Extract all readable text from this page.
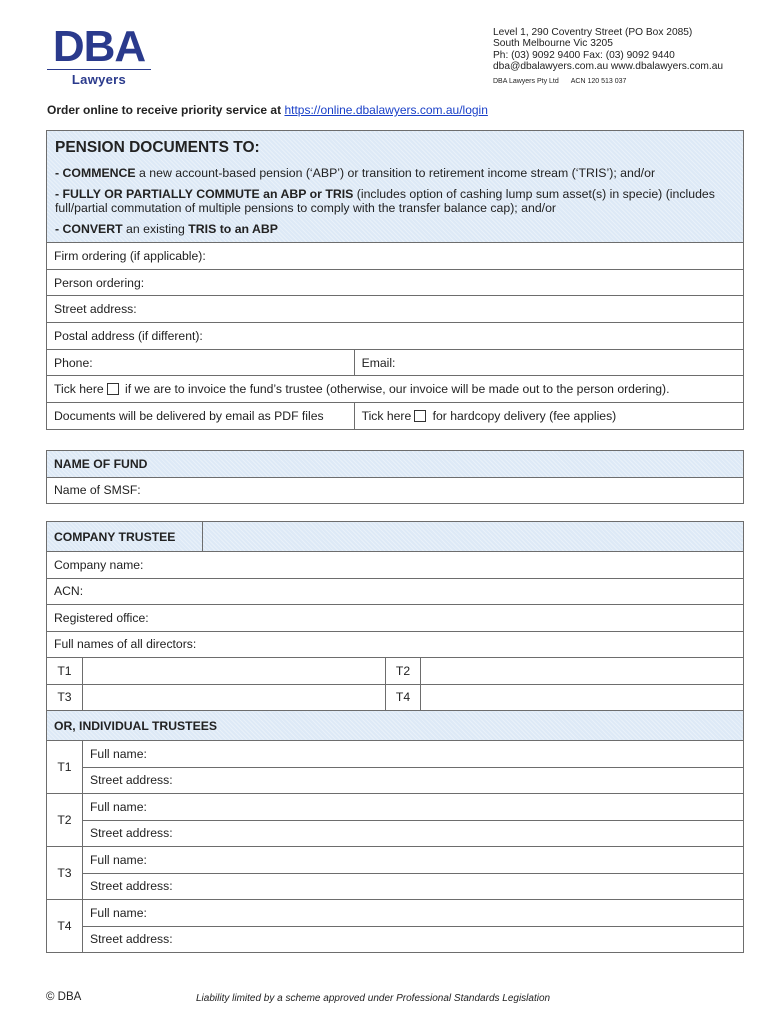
DBA
Lawyers
Level 1, 290 Coventry Street (PO Box 2085)
South Melbourne Vic 3205
Ph: (03) 9092 9400 Fax: (03) 9092 9440
dba@dbalawyers.com.au www.dbalawyers.com.au
DBA Lawyers Pty Ltd ACN 120 513 037
Order online to receive priority service at https://online.dbalawyers.com.au/login
PENSION DOCUMENTS TO:
- COMMENCE a new account-based pension (‘ABP’) or transition to retirement income stream (‘TRIS’); and/or
- FULLY OR PARTIALLY COMMUTE an ABP or TRIS (includes option of cashing lump sum asset(s) in specie) (includes full/partial commutation of multiple pensions to comply with the transfer balance cap); and/or
- CONVERT an existing TRIS to an ABP	

Firm ordering (if applicable):	
Person ordering:	
Street address:	
Postal address (if different):	
Phone:	Email:
Tick here if we are to invoice the fund’s trustee (otherwise, our invoice will be made out to the person ordering).	
Documents will be delivered by email as PDF files	Tick here for hardcopy delivery (fee applies)
NAME OF FUND
Name of SMSF:
COMPANY TRUSTEE				
Company name:				
ACN:				
Registered office:				
Full names of all directors:				
T1			T2	
T3			T4	
OR, INDIVIDUAL TRUSTEES				
T1	Full name:			
	Street address:			
T2	Full name:			
	Street address:			
T3	Full name:			
	Street address:			
T4	Full name:			
	Street address:			
© DBA	Liability limited by a scheme approved under Professional Standards Legislation
